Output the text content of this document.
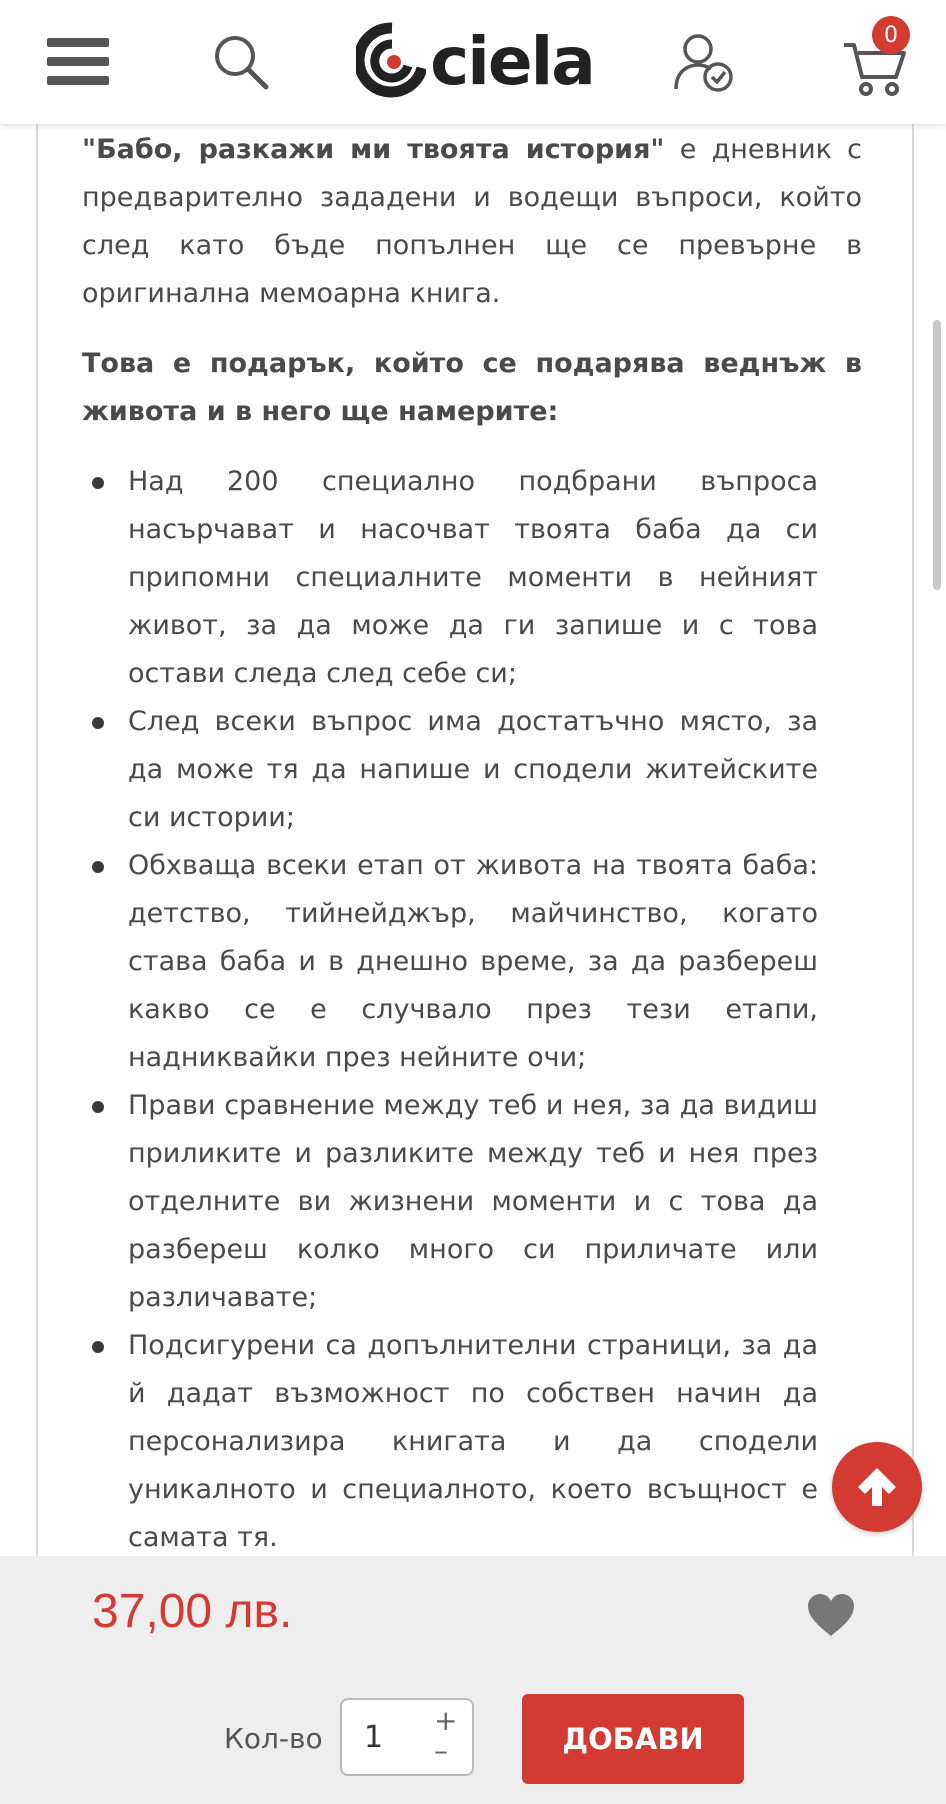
ciela	0

"Бабо, разкажи ми твоята история" е дневник с предварително зададени и водещи въпроси, който след като бъде попълнен ще се превърне в оригинална мемоарна книга.

Това е подарък, който се подарява веднъж в живота и в него ще намерите:

Над 200 специално подбрани въпроса насърчават и насочват твоята баба да си припомни специалните моменти в нейният живот, за да може да ги запише и с това остави следа след себе си;
След всеки въпрос има достатъчно място, за да може тя да напише и сподели житейските си истории;
Обхваща всеки етап от живота на твоята баба: детство, тийнейджър, майчинство, когато става баба и в днешно време, за да разбереш какво се е случвало през тези етапи, надниквайки през нейните очи;
Прави сравнение между теб и нея, за да видиш приликите и разликите между теб и нея през отделните ви жизнени моменти и с това да разбереш колко много си приличате или различавате;
Подсигурени са допълнителни страници, за да й дадат възможност по собствен начин да персонализира книгата и да сподели уникалното и специалното, което всъщност е самата тя.
37,00 лв.
Кол-во 1 +
–	ДОБАВИ
